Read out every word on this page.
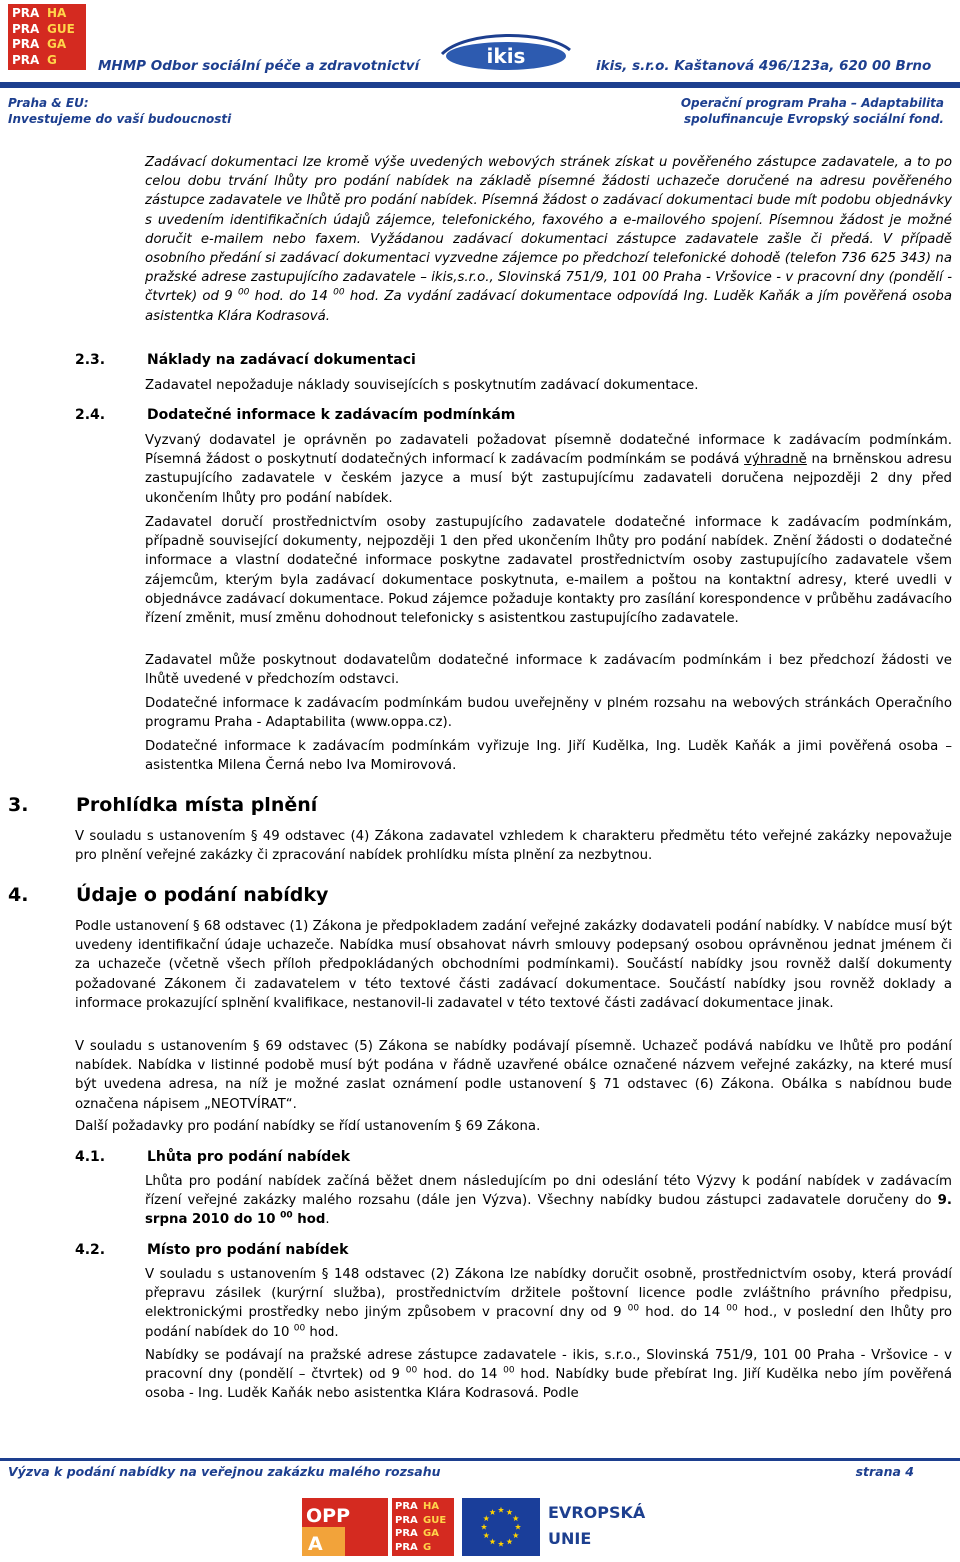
PRA HA
PRA GUE
PRA GA
PRA G	MHMP Odbor sociální péče a zdravotnictví	ikis	ikis, s.r.o. Kaštanová 496/123a, 620 00 Brno
Praha & EU:
Investujeme do vaší budoucnosti
Operační program Praha – Adaptabilita
spolufinancuje Evropský sociální fond.
Zadávací dokumentaci lze kromě výše uvedených webových stránek získat u pověřeného zástupce zadavatele, a to po celou dobu trvání lhůty pro podání nabídek na základě písemné žádosti uchazeče doručené na adresu pověřeného zástupce zadavatele ve lhůtě pro podání nabídek. Písemná žádost o zadávací dokumentaci bude mít podobu objednávky s uvedením identifikačních údajů zájemce, telefonického, faxového a e-mailového spojení. Písemnou žádost je možné doručit e-mailem nebo faxem. Vyžádanou zadávací dokumentaci zástupce zadavatele zašle či předá. V případě osobního předání si zadávací dokumentaci vyzvedne zájemce po předchozí telefonické dohodě (telefon 736 625 343) na pražské adrese zastupujícího zadavatele – ikis,s.r.o., Slovinská 751/9, 101 00 Praha - Vršovice - v pracovní dny (pondělí - čtvrtek) od 9 $^{00}$ hod. do 14 $^{00}$ hod. Za vydání zadávací dokumentace odpovídá Ing. Luděk Kaňák a jím pověřená osoba asistentka Klára Kodrasová.
2.3.	Náklady na zadávací dokumentaci
Zadavatel nepožaduje náklady souvisejících s poskytnutím zadávací dokumentace.
2.4.	Dodatečné informace k zadávacím podmínkám
Vyzvaný dodavatel je oprávněn po zadavateli požadovat písemně dodatečné informace k zadávacím podmínkám. Písemná žádost o poskytnutí dodatečných informací k zadávacím podmínkám se podává výhradně na brněnskou adresu zastupujícího zadavatele v českém jazyce a musí být zastupujícímu zadavateli doručena nejpozději 2 dny před ukončením lhůty pro podání nabídek.
Zadavatel doručí prostřednictvím osoby zastupujícího zadavatele dodatečné informace k zadávacím podmínkám, případně související dokumenty, nejpozději 1 den před ukončením lhůty pro podání nabídek. Znění žádosti o dodatečné informace a vlastní dodatečné informace poskytne zadavatel prostřednictvím osoby zastupujícího zadavatele všem zájemcům, kterým byla zadávací dokumentace poskytnuta, e-mailem a poštou na kontaktní adresy, které uvedli v objednávce zadávací dokumentace. Pokud zájemce požaduje kontakty pro zasílání korespondence v průběhu zadávacího řízení změnit, musí změnu dohodnout telefonicky s asistentkou zastupujícího zadavatele.
Zadavatel může poskytnout dodavatelům dodatečné informace k zadávacím podmínkám i bez předchozí žádosti ve lhůtě uvedené v předchozím odstavci.
Dodatečné informace k zadávacím podmínkám budou uveřejněny v plném rozsahu na webových stránkách Operačního programu Praha - Adaptabilita (www.oppa.cz).
Dodatečné informace k zadávacím podmínkám vyřizuje Ing. Jiří Kudělka, Ing. Luděk Kaňák a jimi pověřená osoba – asistentka Milena Černá nebo Iva Momirovová.
3.	Prohlídka místa plnění
V souladu s ustanovením § 49 odstavec (4) Zákona zadavatel vzhledem k charakteru předmětu této veřejné zakázky nepovažuje pro plnění veřejné zakázky či zpracování nabídek prohlídku místa plnění za nezbytnou.
4.	Údaje o podání nabídky
Podle ustanovení § 68 odstavec (1) Zákona je předpokladem zadání veřejné zakázky dodavateli podání nabídky. V nabídce musí být uvedeny identifikační údaje uchazeče. Nabídka musí obsahovat návrh smlouvy podepsaný osobou oprávněnou jednat jménem či za uchazeče (včetně všech příloh předpokládaných obchodními podmínkami). Součástí nabídky jsou rovněž další dokumenty požadované Zákonem či zadavatelem v této textové části zadávací dokumentace. Součástí nabídky jsou rovněž doklady a informace prokazující splnění kvalifikace, nestanovil-li zadavatel v této textové části zadávací dokumentace jinak.
V souladu s ustanovením § 69 odstavec (5) Zákona se nabídky podávají písemně. Uchazeč podává nabídku ve lhůtě pro podání nabídek. Nabídka v listinné podobě musí být podána v řádně uzavřené obálce označené názvem veřejné zakázky, na které musí být uvedena adresa, na níž je možné zaslat oznámení podle ustanovení § 71 odstavec (6) Zákona. Obálka s nabídnou bude označena nápisem „NEOTVÍRAT“.
Další požadavky pro podání nabídky se řídí ustanovením § 69 Zákona.
4.1.	Lhůta pro podání nabídek
Lhůta pro podání nabídek začíná běžet dnem následujícím po dni odeslání této Výzvy k podání nabídek v zadávacím řízení veřejné zakázky malého rozsahu (dále jen Výzva). Všechny nabídky budou zástupci zadavatele doručeny do 9. srpna 2010 do 10 $^{00}$ hod.
4.2.	Místo pro podání nabídek
V souladu s ustanovením § 148 odstavec (2) Zákona lze nabídky doručit osobně, prostřednictvím osoby, která provádí přepravu zásilek (kurýrní služba), prostřednictvím držitele poštovní licence podle zvláštního právního předpisu, elektronickými prostředky nebo jiným způsobem v pracovní dny od 9 $^{00}$ hod. do 14 $^{00}$ hod., v poslední den lhůty pro podání nabídek do 10 $^{00}$ hod.
Nabídky se podávají na pražské adrese zástupce zadavatele - ikis, s.r.o., Slovinská 751/9, 101 00 Praha - Vršovice - v pracovní dny (pondělí – čtvrtek) od 9 $^{00}$ hod. do 14 $^{00}$ hod. Nabídky bude přebírat Ing. Jiří Kudělka nebo jím pověřená osoba - Ing. Luděk Kaňák nebo asistentka Klára Kodrasová. Podle
Výzva k podání nabídky na veřejnou zakázku malého rozsahu	strana 4
OPP
A
PRA HA
PRA GUE
PRA GA
PRA G
EVROPSKÁ
UNIE
